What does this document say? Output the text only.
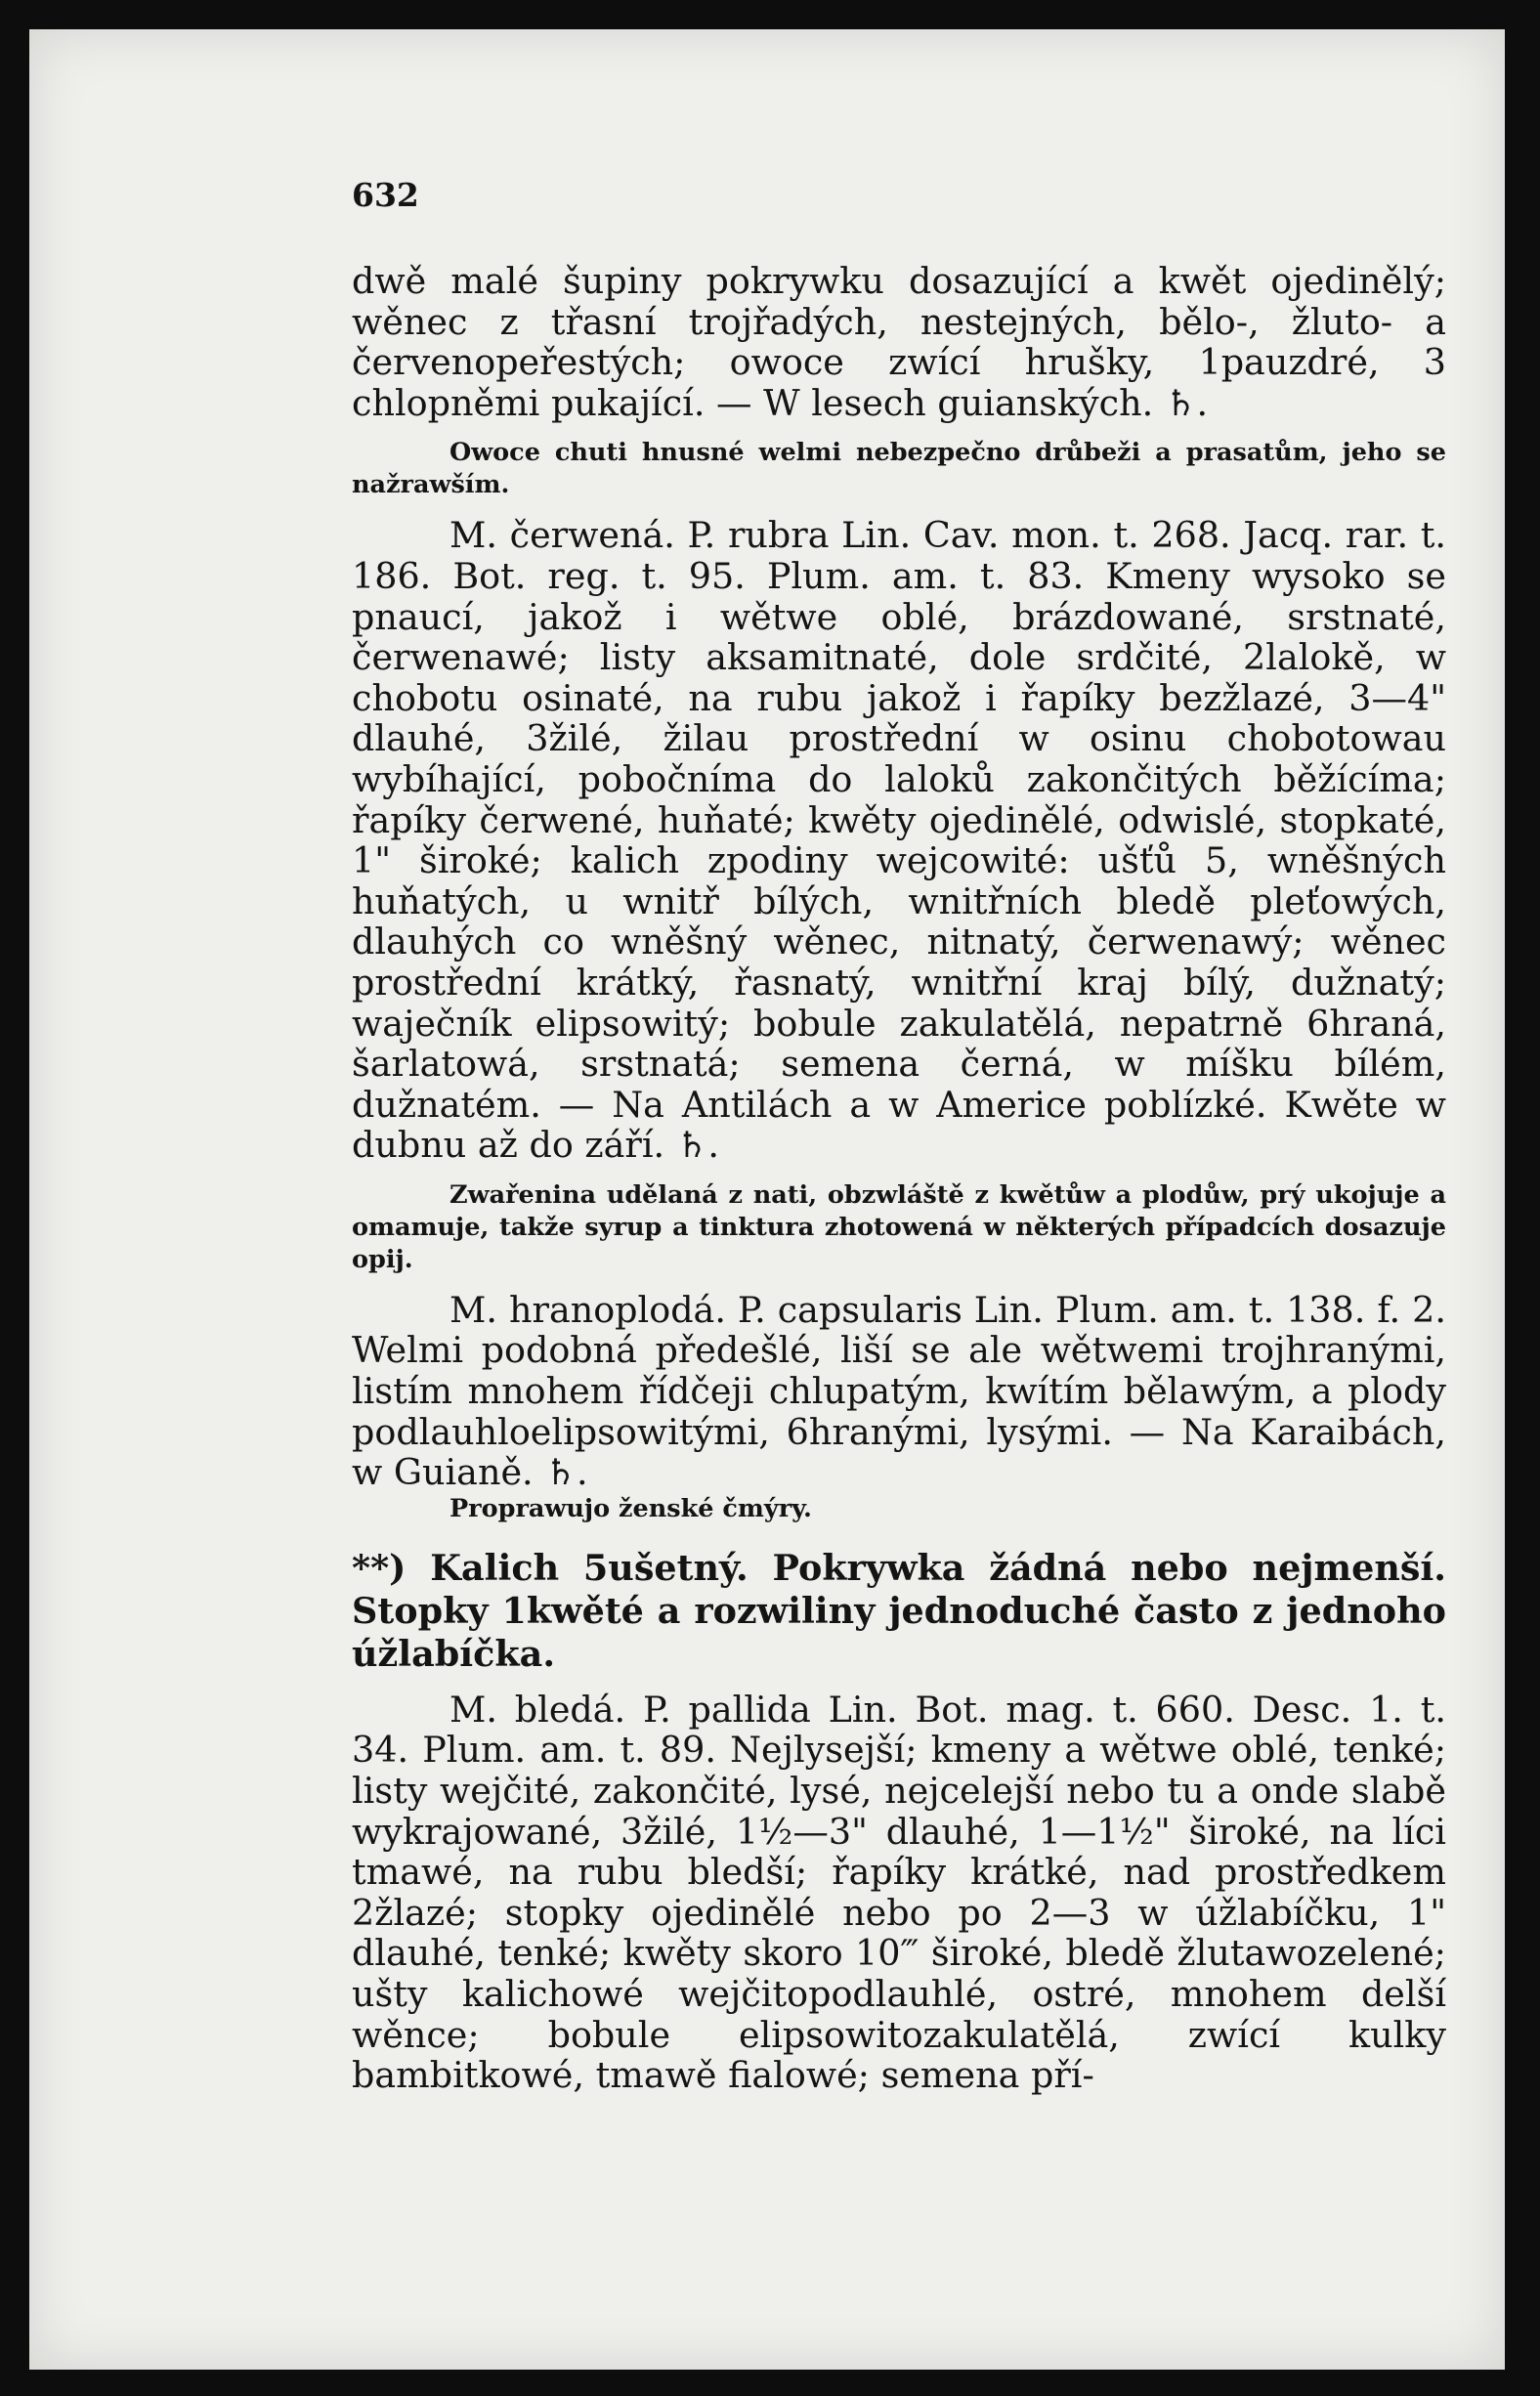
632

dwě malé šupiny pokrywku dosazující a kwět ojedinělý; wěnec z třasní trojřadých, nestejných, bělo-, žluto- a červenopeřestých; owoce zwící hrušky, 1pauzdré, 3 chlopněmi pukající. — W lesech guianských. ♄.

Owoce chuti hnusné welmi nebezpečno drůbeži a prasatům, jeho se nažrawším.

M. čerwená. P. rubra Lin. Cav. mon. t. 268. Jacq. rar. t. 186. Bot. reg. t. 95. Plum. am. t. 83. Kmeny wysoko se pnaucí, jakož i wětwe oblé, brázdowané, srstnaté, čerwenawé; listy aksamitnaté, dole srdčité, 2lalokě, w chobotu osinaté, na rubu jakož i řapíky bezžlazé, 3—4" dlauhé, 3žilé, žilau prostřední w osinu chobotowau wybíhající, pobočníma do laloků zakončitých běžícíma; řapíky čerwené, huňaté; kwěty ojedinělé, odwislé, stopkaté, 1" široké; kalich zpodiny wejcowité: ušťů 5, wněšných huňatých, u wnitř bílých, wnitřních bledě pleťowých, dlauhých co wněšný wěnec, nitnatý, čerwenawý; wěnec prostřední krátký, řasnatý, wnitřní kraj bílý, dužnatý; waječník elipsowitý; bobule zakulatělá, nepatrně 6hraná, šarlatowá, srstnatá; semena černá, w míšku bílém, dužnatém. — Na Antilách a w Americe poblízké. Kwěte w dubnu až do září. ♄.

Zwařenina udělaná z nati, obzwláště z kwětůw a plodůw, prý ukojuje a omamuje, takže syrup a tinktura zhotowená w některých případcích dosazuje opij.

M. hranoplodá. P. capsularis Lin. Plum. am. t. 138. f. 2. Welmi podobná předešlé, liší se ale wětwemi trojhranými, listím mnohem řídčeji chlupatým, kwítím bělawým, a plody podlauhloelipsowitými, 6hranými, lysými. — Na Karaibách, w Guianě. ♄.

Proprawujo ženské čmýry.

**) Kalich 5ušetný. Pokrywka žádná nebo nejmenší. Stopky 1kwěté a rozwiliny jednoduché často z jednoho úžlabíčka.

M. bledá. P. pallida Lin. Bot. mag. t. 660. Desc. 1. t. 34. Plum. am. t. 89. Nejlysejší; kmeny a wětwe oblé, tenké; listy wejčité, zakončité, lysé, nejcelejší nebo tu a onde slabě wykrajowané, 3žilé, 1½—3" dlauhé, 1—1½" široké, na líci tmawé, na rubu bledší; řapíky krátké, nad prostředkem 2žlazé; stopky ojedinělé nebo po 2—3 w úžlabíčku, 1" dlauhé, tenké; kwěty skoro 10‴ široké, bledě žlutawozelené; ušty kalichowé wejčitopodlauhlé, ostré, mnohem delší wěnce; bobule elipsowitozakulatělá, zwící kulky bambitkowé, tmawě fialowé; semena pří-
